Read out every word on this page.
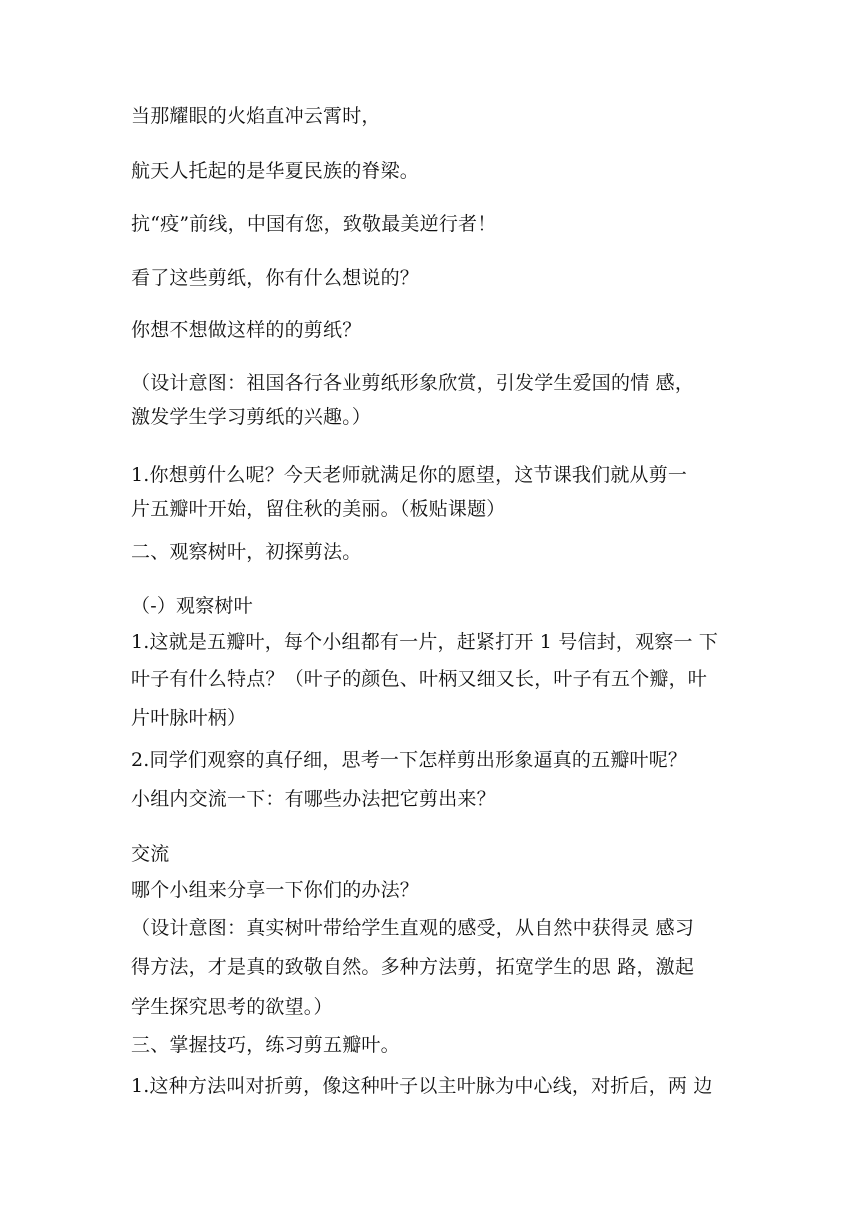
当那耀眼的火焰直冲云霄时，
航天人托起的是华夏民族的脊梁。
抗“疫”前线，中国有您，致敬最美逆行者！
看了这些剪纸，你有什么想说的？
你想不想做这样的的剪纸？
（设计意图：祖国各行各业剪纸形象欣赏，引发学生爱国的情 感，
激发学生学习剪纸的兴趣。）
1.你想剪什么呢？今天老师就满足你的愿望，这节课我们就从剪一
片五瓣叶开始，留住秋的美丽。（板贴课题）
二、观察树叶，初探剪法。
（-）观察树叶
1.这就是五瓣叶，每个小组都有一片，赶紧打开 1 号信封，观察一 下
叶子有什么特点？（叶子的颜色、叶柄又细又长，叶子有五个瓣，叶
片叶脉叶柄）
2.同学们观察的真仔细，思考一下怎样剪出形象逼真的五瓣叶呢？
小组内交流一下：有哪些办法把它剪出来？
交流
哪个小组来分享一下你们的办法？
（设计意图：真实树叶带给学生直观的感受，从自然中获得灵 感习
得方法，才是真的致敬自然。多种方法剪，拓宽学生的思 路，激起
学生探究思考的欲望。）
三、掌握技巧，练习剪五瓣叶。
1.这种方法叫对折剪，像这种叶子以主叶脉为中心线，对折后，两 边
